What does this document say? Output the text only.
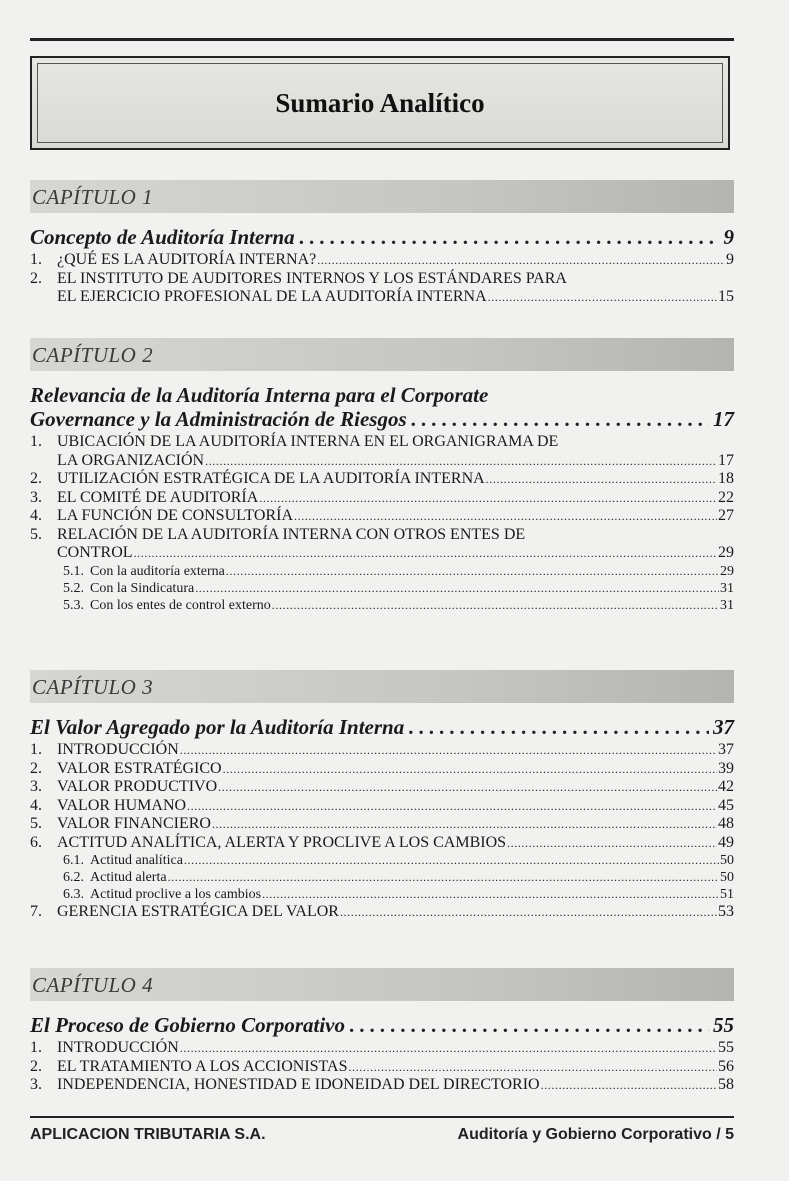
Sumario Analítico
CAPÍTULO 1
Concepto de Auditoría Interna .....	9
1. ¿QUÉ ES LA AUDITORÍA INTERNA? .....	9
2. EL INSTITUTO DE AUDITORES INTERNOS Y LOS ESTÁNDARES PARA
EL EJERCICIO PROFESIONAL DE LA AUDITORÍA INTERNA .....	15
CAPÍTULO 2
Relevancia de la Auditoría Interna para el Corporate
Governance y la Administración de Riesgos .....	17
1. UBICACIÓN DE LA AUDITORÍA INTERNA EN EL ORGANIGRAMA DE
LA ORGANIZACIÓN .....	17
2. UTILIZACIÓN ESTRATÉGICA DE LA AUDITORÍA INTERNA .....	18
3. EL COMITÉ DE AUDITORÍA .....	22
4. LA FUNCIÓN DE CONSULTORÍA .....	27
5. RELACIÓN DE LA AUDITORÍA INTERNA CON OTROS ENTES DE
CONTROL .....	29
5.1. Con la auditoría externa .....	29
5.2. Con la Sindicatura .....	31
5.3. Con los entes de control externo .....	31
CAPÍTULO 3
El Valor Agregado por la Auditoría Interna .....	37
1. INTRODUCCIÓN .....	37
2. VALOR ESTRATÉGICO .....	39
3. VALOR PRODUCTIVO .....	42
4. VALOR HUMANO .....	45
5. VALOR FINANCIERO .....	48
6. ACTITUD ANALÍTICA, ALERTA Y PROCLIVE A LOS CAMBIOS .....	49
6.1. Actitud analítica .....	50
6.2. Actitud alerta .....	50
6.3. Actitud proclive a los cambios .....	51
7. GERENCIA ESTRATÉGICA DEL VALOR .....	53
CAPÍTULO 4
El Proceso de Gobierno Corporativo .....	55
1. INTRODUCCIÓN .....	55
2. EL TRATAMIENTO A LOS ACCIONISTAS .....	56
3. INDEPENDENCIA, HONESTIDAD E IDONEIDAD DEL DIRECTORIO .....	58
APLICACION TRIBUTARIA S.A.	Auditoría y Gobierno Corporativo / 5
